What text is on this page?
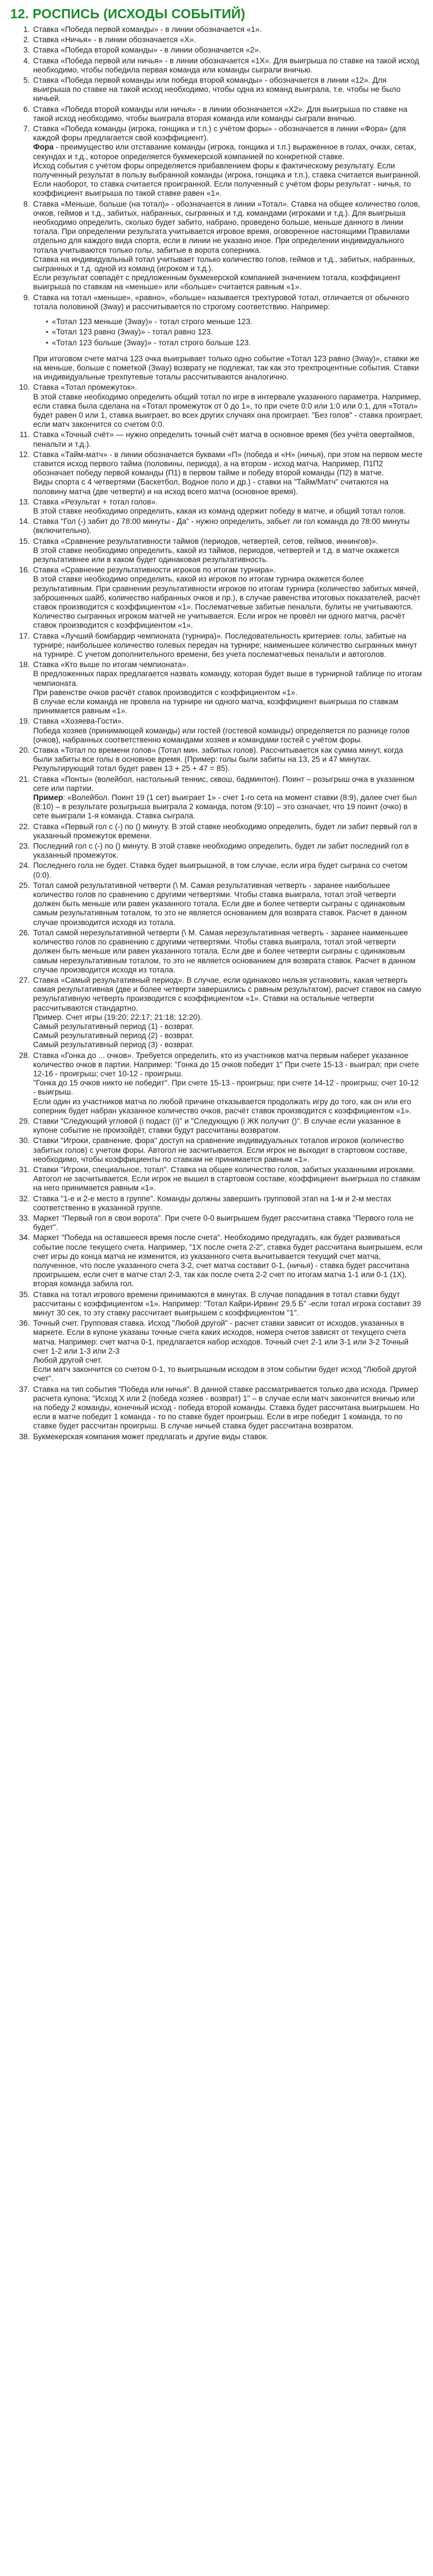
12. РОСПИСЬ (ИСХОДЫ СОБЫТИЙ)

1. Ставка «Победа первой команды» - в линии обозначается «1».

2. Ставка «Ничья» - в линии обозначается «X».

3. Ставка «Победа второй команды» - в линии обозначается «2».

4. Ставка «Победа первой или ничья» - в линии обозначается «1X». Для выигрыша по ставке на такой исход необходимо, чтобы победила первая команда или команды сыграли вничью.

5. Ставка «Победа первой команды или победа второй команды» - обозначается в линии «12». Для выигрыша по ставке на такой исход необходимо, чтобы одна из команд выиграла, т.е. чтобы не было ничьей.

6. Ставка «Победа второй команды или ничья» - в линии обозначается «X2». Для выигрыша по ставке на такой исход необходимо, чтобы выиграла вторая команда или команды сыграли вничью.

7. Ставка «Победа команды (игрока, гонщика и т.п.) с учётом форы» - обозначается в линии «Фора» (для каждой форы предлагается свой коэффициент).

Фора - преимущество или отставание команды (игрока, гонщика и т.п.) выраженное в голах, очках, сетах, секундах и т.д., которое определяется букмекерской компанией по конкретной ставке.

Исход события с учётом форы определяется прибавлением форы к фактическому результату. Если полученный результат в пользу выбранной команды (игрока, гонщика и т.п.), ставка считается выигранной. Если наоборот, то ставка считается проигранной. Если полученный с учётом форы результат - ничья, то коэффициент выигрыша по такой ставке равен «1».

8. Ставка «Меньше, больше (на тотал)» - обозначается в линии «Тотал». Ставка на общее количество голов, очков, геймов и т.д., забитых, набранных, сыгранных и т.д. командами (игроками и т.д.). Для выигрыша необходимо определить, сколько будет забито, набрано, проведено больше, меньше данного в линии тотала. При определении результата учитывается игровое время, оговоренное настоящими Правилами отдельно для каждого вида спорта, если в линии не указано иное. При определении индивидуального тотала учитываются только голы, забитые в ворота соперника.

Ставка на индивидуальный тотал учитывает только количество голов, геймов и т.д., забитых, набранных, сыгранных и т.д. одной из команд (игроком и т.д.).

Если результат совпадёт с предложенным букмекерской компанией значением тотала, коэффициент выигрыша по ставкам на «меньше» или «больше» считается равным «1».

9. Ставка на тотал «меньше», «равно», «больше» называется трехтуровой тотал, отличается от обычного тотала половиной (3way) и рассчитывается по строгому соответствию. Например:

• «Тотал 123 меньше (3way)» - тотал строго меньше 123.
• «Тотал 123 равно (3way)» - тотал равно 123.
• «Тотал 123 больше (3way)» - тотал строго больше 123.

При итоговом счете матча 123 очка выигрывает только одно событие «Тотал 123 равно (3way)», ставки же на меньше, больше с пометкой (3way) возврату не подлежат, так как это трехпроцентные события. Ставки на индивидуальные трехпутевые тоталы рассчитываются аналогично.

10. Ставка «Тотал промежуток».

В этой ставке необходимо определить общий тотал по игре в интервале указанного параметра. Например, если ставка была сделана на «Тотал промежуток от 0 до 1», то при счете 0:0 или 1:0 или 0:1, для «Тотал» будет равен 0 или 1, ставка выиграет, во всех других случаях она проиграет. "Без голов" - ставка проиграет, если матч закончится со счетом 0:0.

11. Ставка «Точный счёт» — нужно определить точный счёт матча в основное время (без учёта овертаймов, пенальти и т.д.).

12. Ставка «Тайм-матч» - в линии обозначается буквами «П» (победа и «Н» (ничья), при этом на первом месте ставится исход первого тайма (половины, периода), а на втором - исход матча. Например, П1П2 обозначает победу первой команды (П1) в первом тайме и победу второй команды (П2) в матче.

Виды спорта с 4 четвертями (Баскетбол, Водное поло и др.) - ставки на "Тайм/Матч" считаются на половину матча (две четверти) и на исход всего матча (основное время).

13. Ставка «Результат + тотал голов».

В этой ставке необходимо определить, какая из команд одержит победу в матче, и общий тотал голов.

14. Ставка "Гол (-) забит до 78:00 минуты - Да" - нужно определить, забьет ли гол команда до 78:00 минуты (включительно).

15. Ставка «Сравнение результативности таймов (периодов, четвертей, сетов, геймов, иннингов)».

В этой ставке необходимо определить, какой из таймов, периодов, четвертей и т.д. в матче окажется результативнее или в каком будет одинаковая результативность.

16. Ставка «Сравнение результативности игроков по итогам турнира».

В этой ставке необходимо определить, какой из игроков по итогам турнира окажется более результативным. При сравнении результативности игроков по итогам турнира (количество забитых мячей, заброшенных шайб, количество набранных очков и пр.), в случае равенства итоговых показателей, расчёт ставок производится с коэффициентом «1». Послематчевые забитые пенальти, булиты не учитываются. Количество сыгранных игроком матчей не учитывается. Если игрок не провёл ни одного матча, расчёт ставок производится с коэффициентом «1».

17. Ставка «Лучший бомбардир чемпионата (турнира)». Последовательность критериев: голы, забитые на турнире; наибольшее количество голевых передач на турнире; наименьшее количество сыгранных минут на турнире. С учетом дополнительного времени, без учета послематчевых пенальти и автоголов.

18. Ставка «Кто выше по итогам чемпионата».

В предложенных парах предлагается назвать команду, которая будет выше в турнирной таблице по итогам чемпионата.

При равенстве очков расчёт ставок производится с коэффициентом «1».

В случае если команда не провела на турнире ни одного матча, коэффициент выигрыша по ставкам принимается равным «1».

19. Ставка «Хозяева-Гости».

Победа хозяев (принимающей команды) или гостей (гостевой команды) определяется по разнице голов (очков), набранных соответственно командами хозяев и командами гостей с учётом форы.

20. Ставка «Тотал по времени голов» (Тотал мин. забитых голов). Рассчитывается как сумма минут, когда были забиты все голы в основное время. (Пример: голы были забиты на 13, 25 и 47 минутах. Результирующий тотал будет равен 13 + 25 + 47 = 85).

21. Ставка «Понты» (волейбол, настольный теннис, сквош, бадминтон). Поинт – розыгрыш очка в указанном сете или партии.

Пример: «Волейбол. Поинт 19 (1 сет) выиграет 1» - счет 1-го сета на момент ставки (8:9), далее счет был (8:10) – в результате розыгрыша выиграла 2 команда, потом (9:10) – это означает, что 19 поинт (очко) в сете выиграли 1-я команда. Ставка сыграла.

22. Ставка «Первый гол с (-) по () минуту. В этой ставке необходимо определить, будет ли забит первый гол в указанный промежуток времени.

23. Последний гол с (-) по () минуту. В этой ставке необходимо определить, будет ли забит последний гол в указанный промежуток.

24. Последнего гола не будет. Ставка будет выигрышной, в том случае, если игра будет сыграна со счетом (0:0).

25. Тотал самой результативной четверти (\ М. Самая результативная четверть - заранее наибольшее количество голов по сравнению с другими четвертями. Чтобы ставка выиграла, тотал этой четверти должен быть меньше или равен указанного тотала. Если две и более четверти сыграны с одинаковым самым результативным тоталом, то это не является основанием для возврата ставок. Расчет в данном случае производится исходя из тотала.

26. Тотал самой нерезультативной четверти (\ М. Самая нерезультативная четверть - заранее наименьшее количество голов по сравнению с другими четвертями. Чтобы ставка выиграла, тотал этой четверти должен быть меньше или равен указанного тотала. Если две и более четверти сыграны с одинаковым самым нерезультативным тоталом, то это не является основанием для возврата ставок. Расчет в данном случае производится исходя из тотала.

27. Ставка «Самый результативный период». В случае, если одинаково нельзя установить, какая четверть самая результативная (две и более четверти завершились с равным результатом), расчет ставок на самую результативную четверть производится с коэффициентом «1». Ставки на остальные четверти рассчитываются стандартно.

Пример. Счет игры (19:20; 22:17; 21:18; 12:20).

Самый результативный период (1) - возврат.

Самый результативный период (2) - возврат.

Самый результативный период (3) - возврат.

28. Ставка «Гонка до ... очков». Требуется определить, кто из участников матча первым наберет указанное количество очков в партии. Например: "Гонка до 15 очков победит 1" При счете 15-13 - выиграл; при счете 12-16 - проигрыш; счет 10-12 - проигрыш.

"Гонка до 15 очков никто не победит". При счете 15-13 - проигрыш; при счете 14-12 - проигрыш; счет 10-12 - выигрыш.

Если один из участников матча по любой причине отказывается продолжать игру до того, как он или его соперник будет набран указанное количество очков, расчёт ставок производится с коэффициентом «1».

29. Ставки "Следующий угловой (і подаст (і)" и "Следующую (і ЖК получит ()". В случае если указанное в купоне событие не произойдёт, ставки будут рассчитаны возвратом.

30. Ставки "Игроки, сравнение, фора" доступ на сравнение индивидуальных тоталов игроков (количество забитых голов) с учетом форы. Автогол не засчитывается. Если игрок не выходит в стартовом составе, необходимо, чтобы коэффициенты по ставкам не принимается равным «1».

31. Ставки "Игроки, специальное, тотал". Ставка на общее количество голов, забитых указанными игроками. Автогол не засчитывается. Если игрок не вышел в стартовом составе, коэффициент выигрыша по ставкам на него принимается равным «1».

32. Ставка "1-е и 2-е место в группе". Команды должны завершить групповой этап на 1-м и 2-м местах соответственно в указанной группе.

33. Маркет "Первый гол в свои ворота". При счете 0-0 выигрышем будет рассчитана ставка "Первого гола не будет".

34. Маркет "Победа на оставшееся время после счета". Необходимо предугадать, как будет развиваться событие после текущего счета. Например, "1Х после счета 2-2", ставка будет рассчитана выигрышем, если счет игры до конца матча не изменится, из указанного счета вычитывается текущий счет матча, полученное, что после указанного счета 3-2, счет матча составит 0-1, (ничья) - ставка будет рассчитана проигрышем, если счет в матче стал 2-3, так как после счета 2-2 счет по итогам матча 1-1 или 0-1 (1X), вторая команда забила гол.

35. Ставка на тотал игрового времени принимаются в минутах. В случае попадания в тотал ставки будут рассчитаны с коэффициентом «1». Например: "Тотал Кайри-Ирвинг 29.5 Б" -если тотал игрока составит 39 минут 30 сек, то эту ставку рассчитает выигрышем с коэффициентом "1".

36. Точный счет. Групповая ставка. Исход "Любой другой" - расчет ставки зависит от исходов, указанных в маркете. Если в купоне указаны точные счета каких исходов, номера счетов зависят от текущего счета матча. Например: счет матча 0-1, предлагается набор исходов. Точный счет 2-1 или 3-1 или 3-2 Точный счет 1-2 или 1-3 или 2-3

Любой другой счет.

Если матч закончится со счетом 0-1, то выигрышным исходом в этом событии будет исход "Любой другой счет".

37. Ставка на тип события "Победа или ничья". В данной ставке рассматривается только два исхода. Пример расчета купона: "Исход Х или 2 (победа хозяев - возврат) 1" – в случае если матч закончится вничью или на победу 2 команды, конечный исход - победа второй команды. Ставка будет рассчитана выигрышем. Но если в матче победит 1 команда - то по ставке будет проигрыш. Если в игре победит 1 команда, то по ставке будет рассчитан проигрыш. В случае ничьей ставка будет рассчитана возвратом.

38. Букмекерская компания может предлагать и другие виды ставок.
